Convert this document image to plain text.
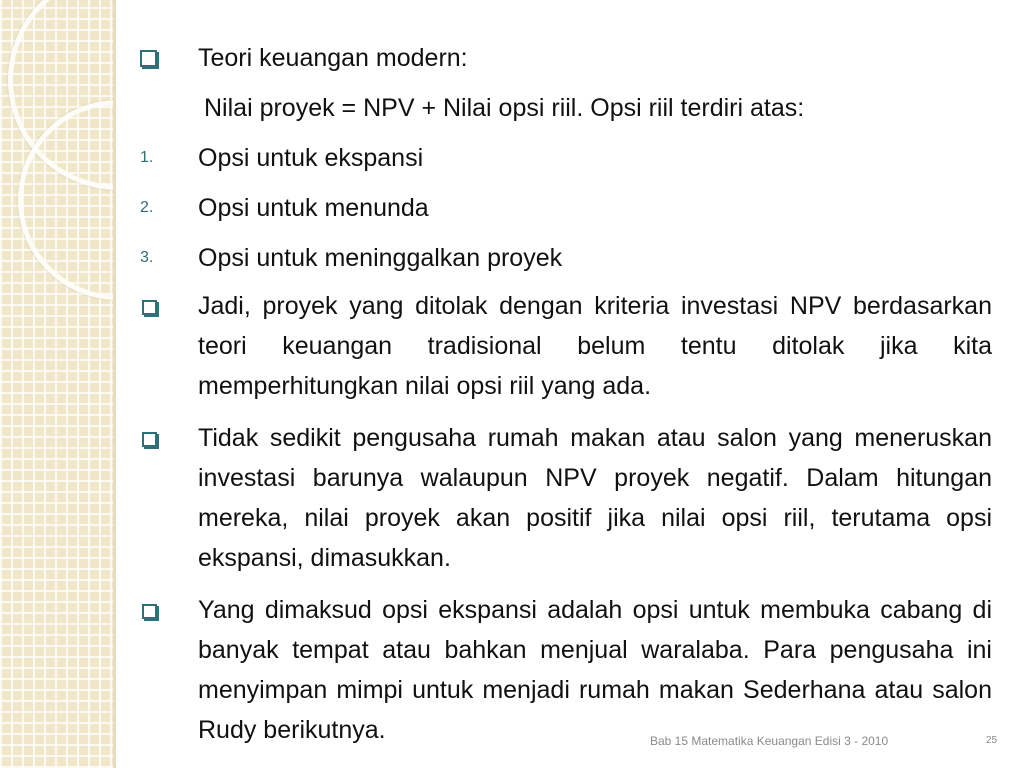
Teori keuangan modern:
Nilai proyek = NPV + Nilai opsi riil. Opsi riil terdiri atas:
1. Opsi untuk ekspansi
2. Opsi untuk menunda
3. Opsi untuk meninggalkan proyek
Jadi, proyek yang ditolak dengan kriteria investasi NPV berdasarkan teori keuangan tradisional belum tentu ditolak jika kita memperhitungkan nilai opsi riil yang ada.
Tidak sedikit pengusaha rumah makan atau salon yang meneruskan investasi barunya walaupun NPV proyek negatif. Dalam hitungan mereka, nilai proyek akan positif jika nilai opsi riil, terutama opsi ekspansi, dimasukkan.
Yang dimaksud opsi ekspansi adalah opsi untuk membuka cabang di banyak tempat atau bahkan menjual waralaba. Para pengusaha ini menyimpan mimpi untuk menjadi rumah makan Sederhana atau salon Rudy berikutnya.	Bab 15 Matematika Keuangan Edisi 3 - 2010	25
